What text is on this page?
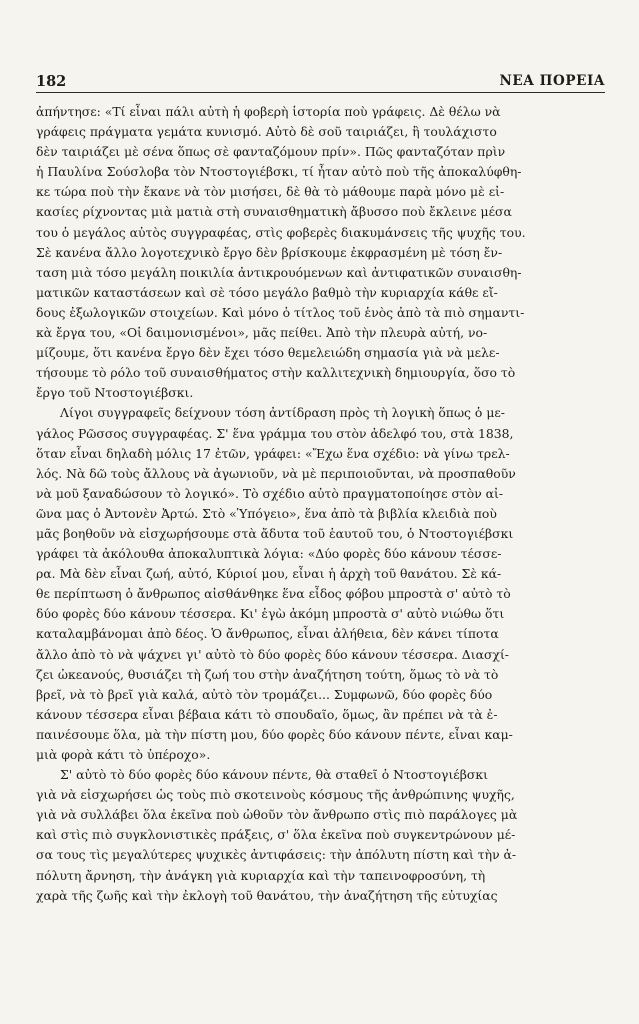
182	ΝΕΑ ΠΟΡΕΙΑ
ἀπήντησε: «Τί εἶναι πάλι αὐτὴ ἡ φοβερὴ ἱστορία ποὺ γράφεις. Δὲ θέλω νὰ
γράφεις πράγματα γεμάτα κυνισμό. Αὐτὸ δὲ σοῦ ταιριάζει, ἢ τουλάχιστο
δὲν ταιριάζει μὲ σένα ὅπως σὲ φανταζόμουν πρίν». Πῶς φανταζόταν πρὶν
ἡ Παυλίνα Σούσλοβα τὸν Ντοστογιέβσκι, τί ἦταν αὐτὸ ποὺ τῆς ἀποκαλύφθη-
κε τώρα ποὺ τὴν ἔκανε νὰ τὸν μισήσει, δὲ θὰ τὸ μάθουμε παρὰ μόνο μὲ εἰ-
κασίες ρίχνοντας μιὰ ματιὰ στὴ συναισθηματικὴ ἄβυσσο ποὺ ἔκλεινε μέσα
του ὁ μεγάλος αὐτὸς συγγραφέας, στὶς φοβερὲς διακυμάνσεις τῆς ψυχῆς του.
Σὲ κανένα ἄλλο λογοτεχνικὸ ἔργο δὲν βρίσκουμε ἐκφρασμένη μὲ τόση ἔν-
ταση μιὰ τόσο μεγάλη ποικιλία ἀντικρουόμενων καὶ ἀντιφατικῶν συναισθη-
ματικῶν καταστάσεων καὶ σὲ τόσο μεγάλο βαθμὸ τὴν κυριαρχία κάθε εἴ-
δους ἐξωλογικῶν στοιχείων. Καὶ μόνο ὁ τίτλος τοῦ ἑνὸς ἀπὸ τὰ πιὸ σημαντι-
κὰ ἔργα του, «Οἱ δαιμονισμένοι», μᾶς πείθει. Ἀπὸ τὴν πλευρὰ αὐτή, νο-
μίζουμε, ὅτι κανένα ἔργο δὲν ἔχει τόσο θεμελειώδη σημασία γιὰ νὰ μελε-
τήσουμε τὸ ρόλο τοῦ συναισθήματος στὴν καλλιτεχνικὴ δημιουργία, ὅσο τὸ
ἔργο τοῦ Ντοστογιέβσκι.
Λίγοι συγγραφεῖς δείχνουν τόση ἀντίδραση πρὸς τὴ λογικὴ ὅπως ὁ με-
γάλος Ρῶσσος συγγραφέας. Σ' ἕνα γράμμα του στὸν ἀδελφό του, στὰ 1838,
ὅταν εἶναι δηλαδὴ μόλις 17 ἐτῶν, γράφει: «Ἔχω ἕνα σχέδιο: νὰ γίνω τρελ-
λός. Νὰ δῶ τοὺς ἄλλους νὰ ἀγωνιοῦν, νὰ μὲ περιποιοῦνται, νὰ προσπαθοῦν
νὰ μοῦ ξαναδώσουν τὸ λογικό». Τὸ σχέδιο αὐτὸ πραγματοποίησε στὸν αἰ-
ῶνα μας ὁ Ἀντονὲν Ἀρτώ. Στὸ «Ὑπόγειο», ἕνα ἀπὸ τὰ βιβλία κλειδιὰ ποὺ
μᾶς βοηθοῦν νὰ εἰσχωρήσουμε στὰ ἄδυτα τοῦ ἑαυτοῦ του, ὁ Ντοστογιέβσκι
γράφει τὰ ἀκόλουθα ἀποκαλυπτικὰ λόγια: «Δύο φορὲς δύο κάνουν τέσσε-
ρα. Μὰ δὲν εἶναι ζωή, αὐτό, Κύριοί μου, εἶναι ἡ ἀρχὴ τοῦ θανάτου. Σὲ κά-
θε περίπτωση ὁ ἄνθρωπος αἰσθάνθηκε ἕνα εἶδος φόβου μπροστὰ σ' αὐτὸ τὸ
δύο φορὲς δύο κάνουν τέσσερα. Κι' ἐγὼ ἀκόμη μπροστὰ σ' αὐτὸ νιώθω ὅτι
καταλαμβάνομαι ἀπὸ δέος. Ὁ ἄνθρωπος, εἶναι ἀλήθεια, δὲν κάνει τίποτα
ἄλλο ἀπὸ τὸ νὰ ψάχνει γι' αὐτὸ τὸ δύο φορὲς δύο κάνουν τέσσερα. Διασχί-
ζει ὠκεανούς, θυσιάζει τὴ ζωή του στὴν ἀναζήτηση τούτη, ὅμως τὸ νὰ τὸ
βρεῖ, νὰ τὸ βρεῖ γιὰ καλά, αὐτὸ τὸν τρομάζει... Συμφωνῶ, δύο φορὲς δύο
κάνουν τέσσερα εἶναι βέβαια κάτι τὸ σπουδαῖο, ὅμως, ἂν πρέπει νὰ τὰ ἐ-
παινέσουμε ὅλα, μὰ τὴν πίστη μου, δύο φορὲς δύο κάνουν πέντε, εἶναι καμ-
μιὰ φορὰ κάτι τὸ ὑπέροχο».
Σ' αὐτὸ τὸ δύο φορὲς δύο κάνουν πέντε, θὰ σταθεῖ ὁ Ντοστογιέβσκι
γιὰ νὰ εἰσχωρήσει ὡς τοὺς πιὸ σκοτεινοὺς κόσμους τῆς ἀνθρώπινης ψυχῆς,
γιὰ νὰ συλλάβει ὅλα ἐκεῖνα ποὺ ὠθοῦν τὸν ἄνθρωπο στὶς πιὸ παράλογες μὰ
καὶ στὶς πιὸ συγκλονιστικὲς πράξεις, σ' ὅλα ἐκεῖνα ποὺ συγκεντρώνουν μέ-
σα τους τὶς μεγαλύτερες ψυχικὲς ἀντιφάσεις: τὴν ἀπόλυτη πίστη καὶ τὴν ἀ-
πόλυτη ἄρνηση, τὴν ἀνάγκη γιὰ κυριαρχία καὶ τὴν ταπεινοφροσύνη, τὴ
χαρὰ τῆς ζωῆς καὶ τὴν ἐκλογὴ τοῦ θανάτου, τὴν ἀναζήτηση τῆς εὐτυχίας
